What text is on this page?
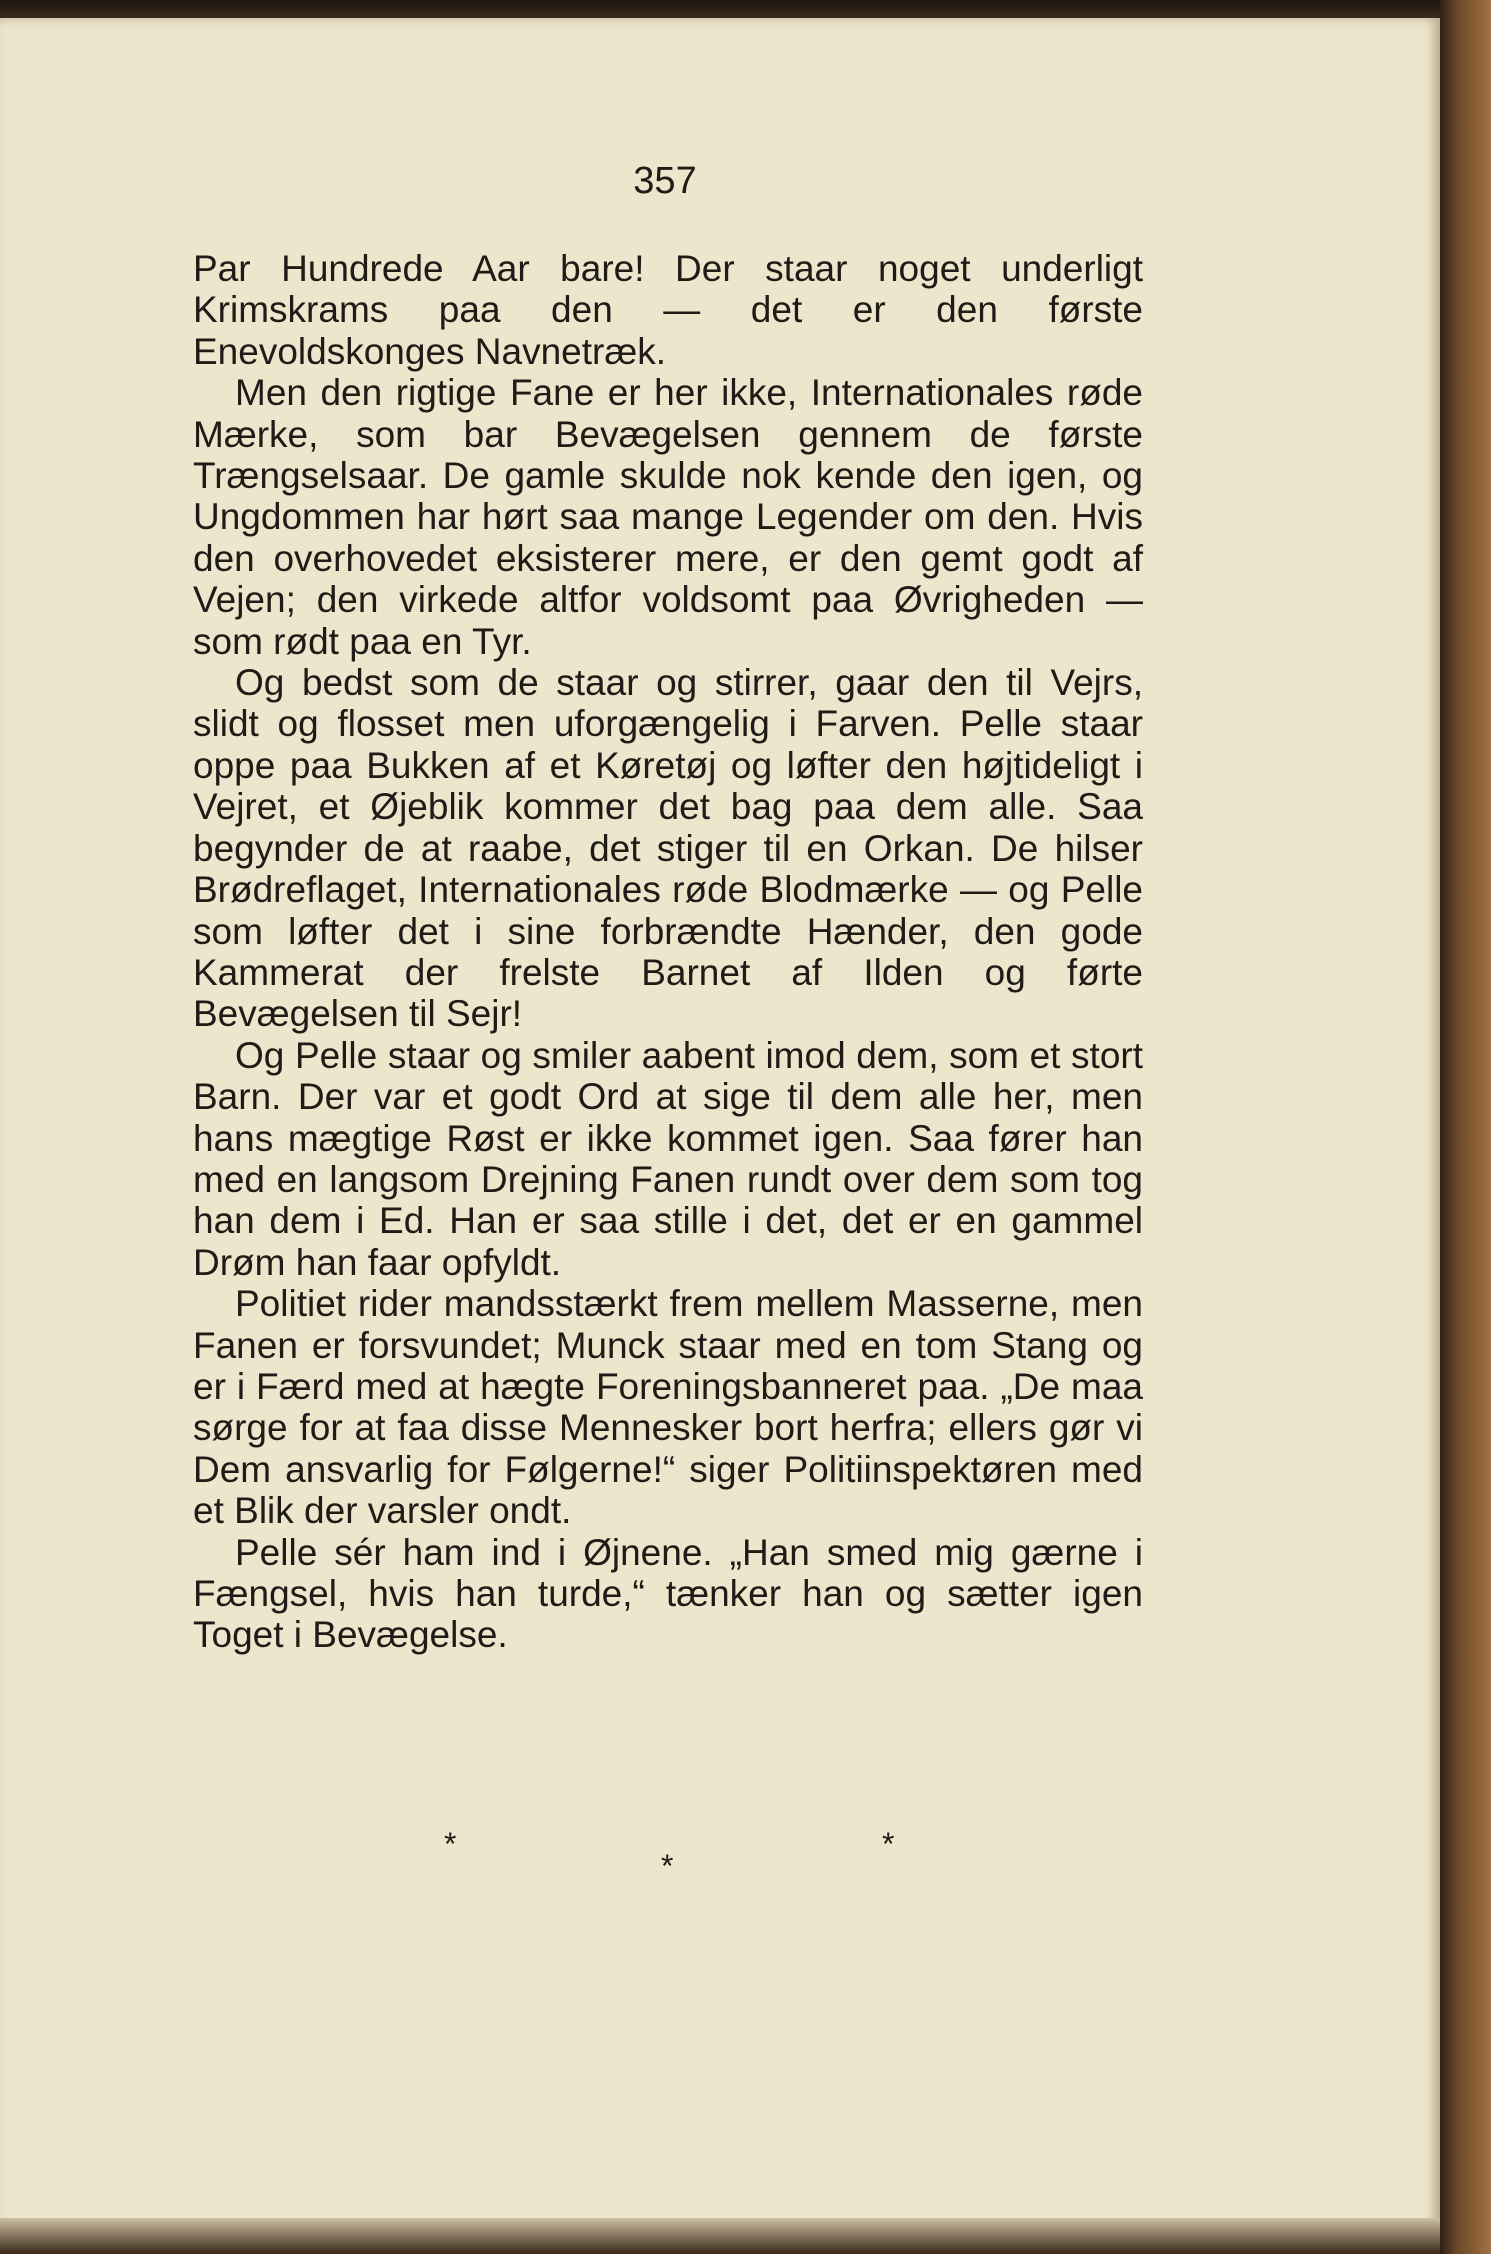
357

Par Hundrede Aar bare! Der staar noget underligt Krimskrams paa den — det er den første Enevoldskonges Navnetræk.

Men den rigtige Fane er her ikke, Internationales røde Mærke, som bar Bevægelsen gennem de første Trængselsaar. De gamle skulde nok kende den igen, og Ungdommen har hørt saa mange Legender om den. Hvis den overhovedet eksisterer mere, er den gemt godt af Vejen; den virkede altfor voldsomt paa Øvrigheden — som rødt paa en Tyr.

Og bedst som de staar og stirrer, gaar den til Vejrs, slidt og flosset men uforgængelig i Farven. Pelle staar oppe paa Bukken af et Køretøj og løfter den højtideligt i Vejret, et Øjeblik kommer det bag paa dem alle. Saa begynder de at raabe, det stiger til en Orkan. De hilser Brødreflaget, Internationales røde Blodmærke — og Pelle som løfter det i sine forbrændte Hænder, den gode Kammerat der frelste Barnet af Ilden og førte Bevægelsen til Sejr!

Og Pelle staar og smiler aabent imod dem, som et stort Barn. Der var et godt Ord at sige til dem alle her, men hans mægtige Røst er ikke kommet igen. Saa fører han med en langsom Drejning Fanen rundt over dem som tog han dem i Ed. Han er saa stille i det, det er en gammel Drøm han faar opfyldt.

Politiet rider mandsstærkt frem mellem Masserne, men Fanen er forsvundet; Munck staar med en tom Stang og er i Færd med at hægte Foreningsbanneret paa. „De maa sørge for at faa disse Mennesker bort herfra; ellers gør vi Dem ansvarlig for Følgerne!“ siger Politiinspektøren med et Blik der varsler ondt.

Pelle sér ham ind i Øjnene. „Han smed mig gærne i Fængsel, hvis han turde,“ tænker han og sætter igen Toget i Bevægelse.

*	*
*
